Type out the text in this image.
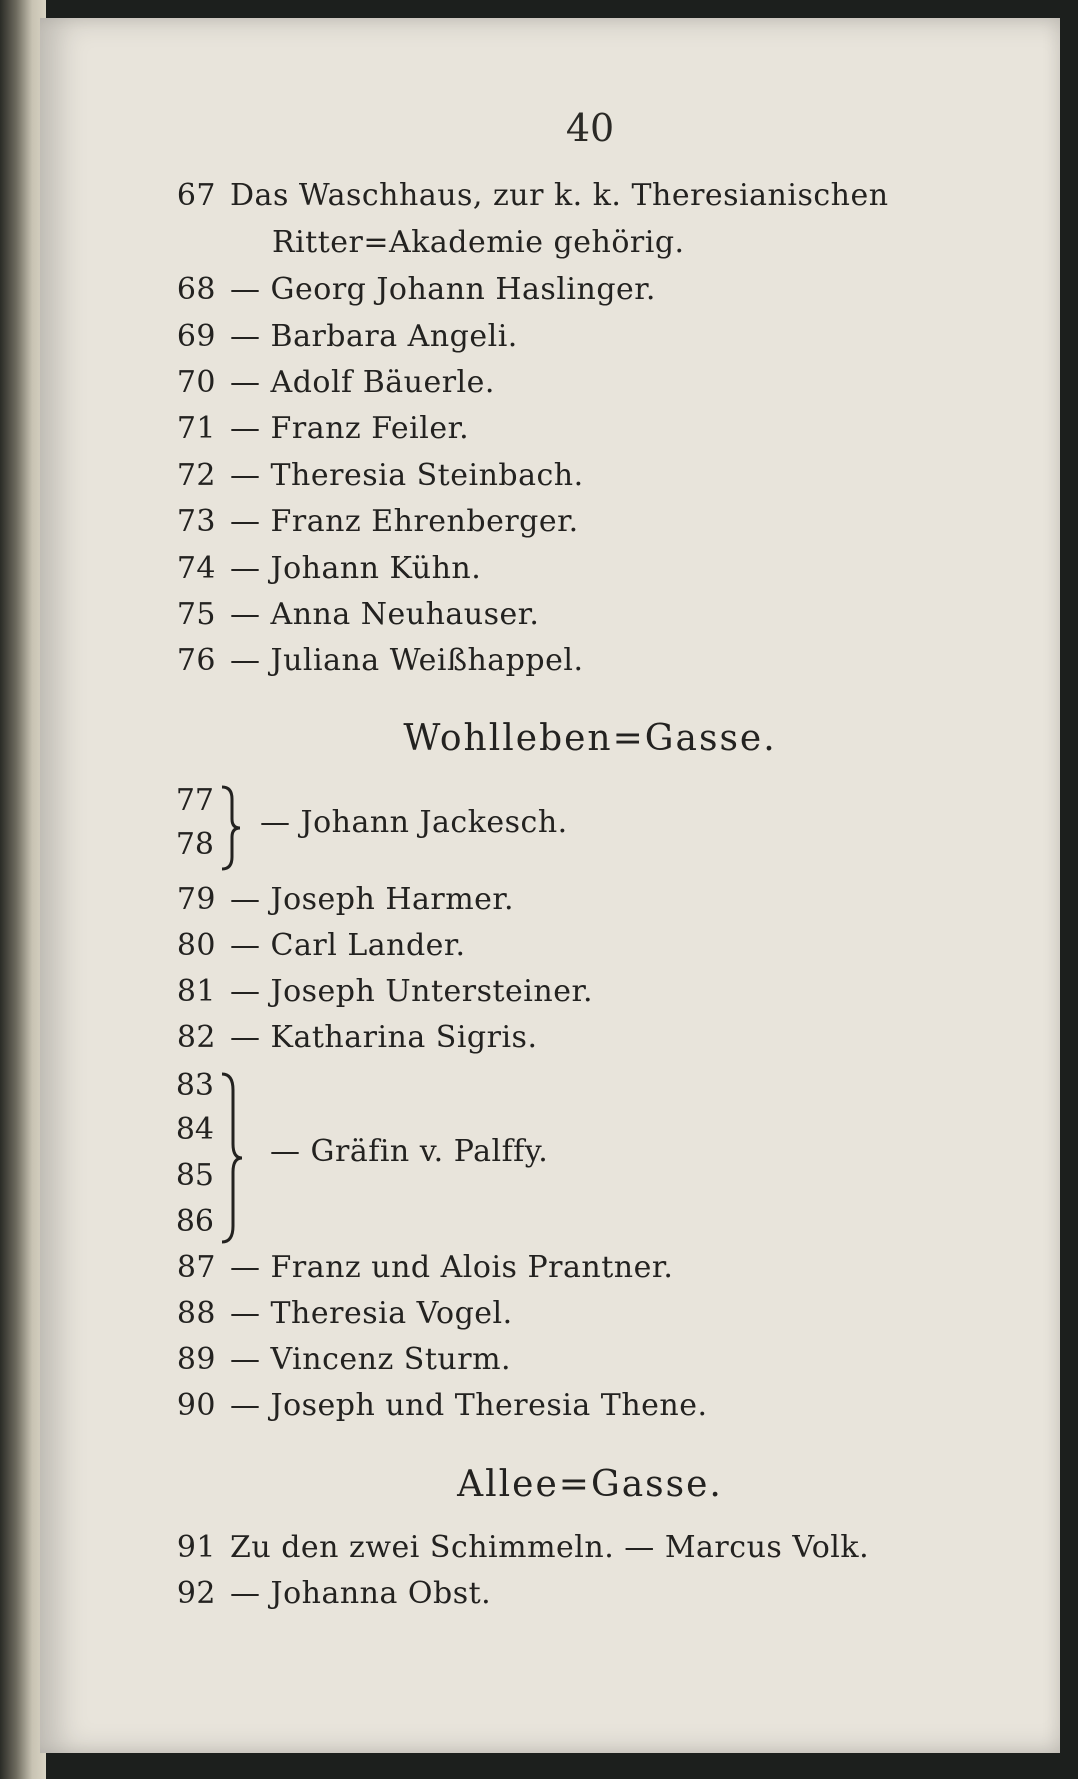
40
67 Das Waschhaus, zur k. k. Theresianischen
Ritter=Akademie gehörig.
68 — Georg Johann Haslinger.
69 — Barbara Angeli.
70 — Adolf Bäuerle.
71 — Franz Feiler.
72 — Theresia Steinbach.
73 — Franz Ehrenberger.
74 — Johann Kühn.
75 — Anna Neuhauser.
76 — Juliana Weißhappel.
Wohlleben=Gasse.
77
78
— Johann Jackesch.
79 — Joseph Harmer.
80 — Carl Lander.
81 — Joseph Untersteiner.
82 — Katharina Sigris.
83
84
85
86
— Gräfin v. Palffy.
87 — Franz und Alois Prantner.
88 — Theresia Vogel.
89 — Vincenz Sturm.
90 — Joseph und Theresia Thene.
Allee=Gasse.
91 Zu den zwei Schimmeln. — Marcus Volk.
92 — Johanna Obst.
